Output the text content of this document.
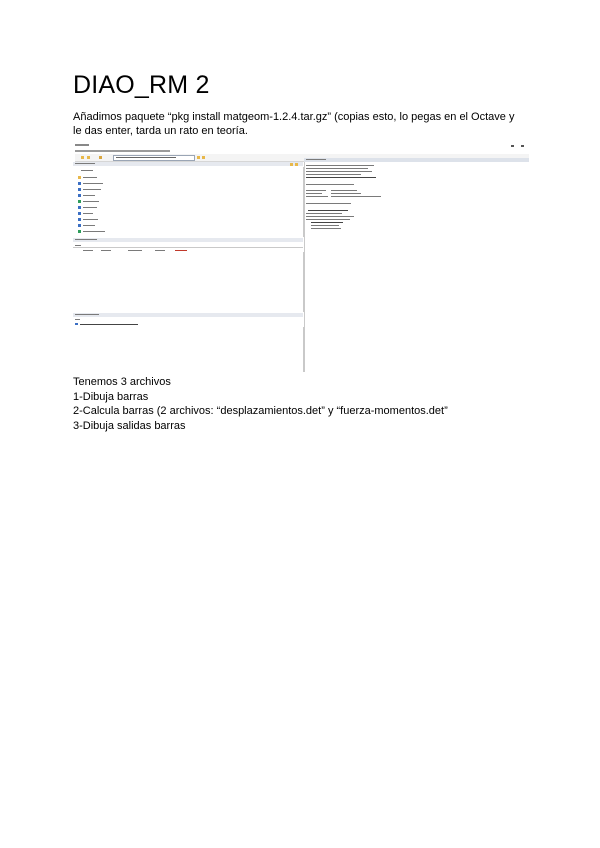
DIAO_RM 2
Añadimos paquete “pkg install matgeom-1.2.4.tar.gz” (copias esto, lo pegas en el Octave y le das enter, tarda un rato en teoría.
Tenemos 3 archivos
1-Dibuja barras
2-Calcula barras (2 archivos: “desplazamientos.det” y “fuerza-momentos.det”
3-Dibuja salidas barras
